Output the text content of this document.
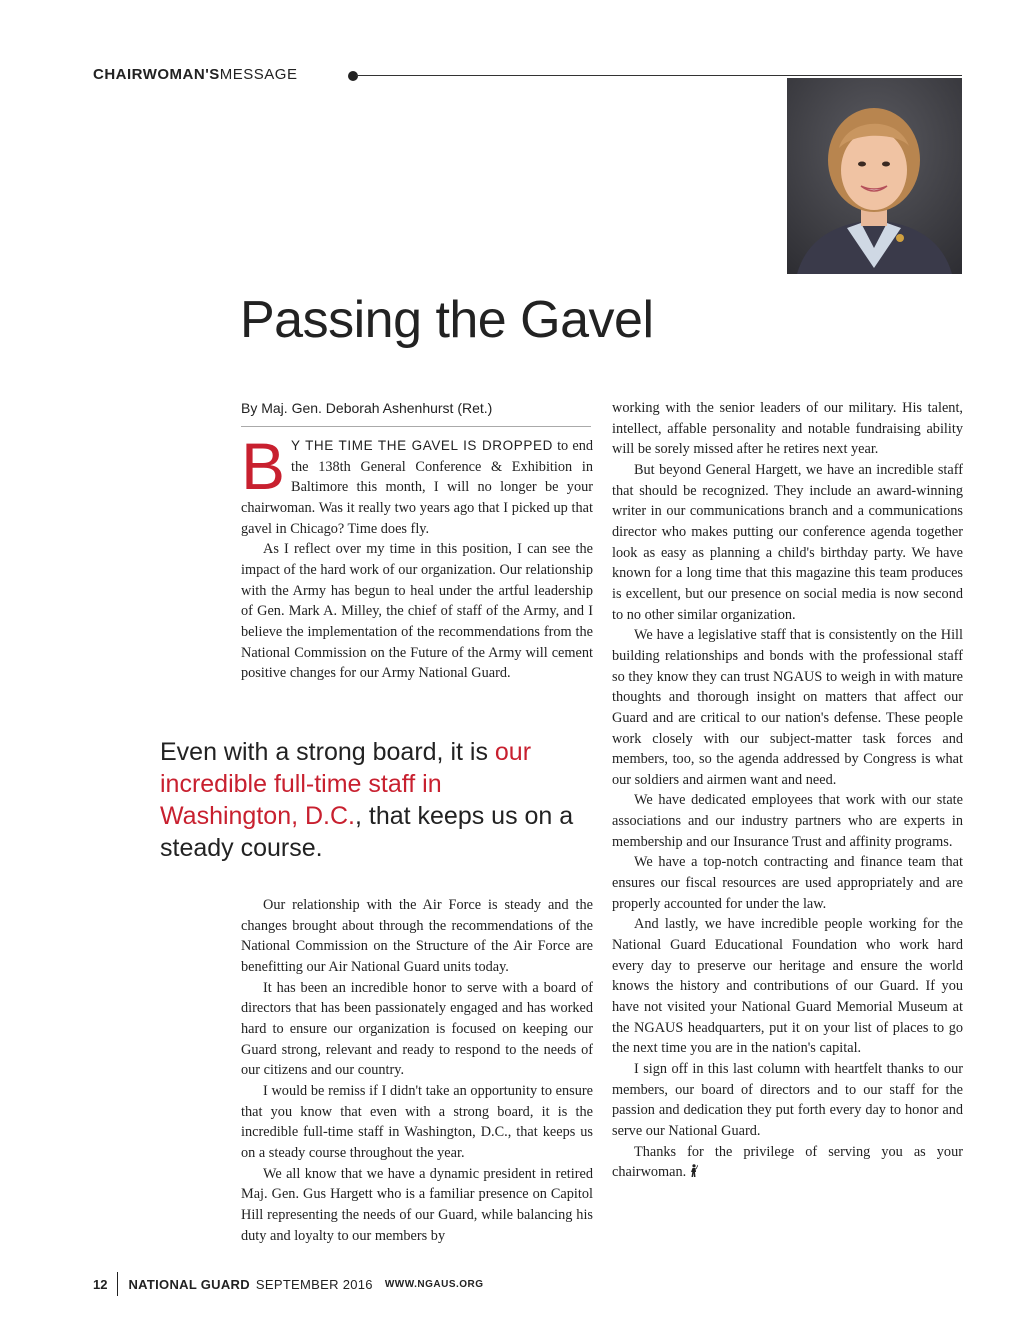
CHAIRWOMAN'SMESSAGE
Passing the Gavel
By Maj. Gen. Deborah Ashenhurst (Ret.)

B Y THE TIME THE GAVEL IS DROPPED to end the 138th General Conference & Exhibition in Baltimore this month, I will no longer be your chairwoman. Was it really two years ago that I picked up that gavel in Chicago? Time does fly.

As I reflect over my time in this position, I can see the impact of the hard work of our organization. Our relationship with the Army has begun to heal under the artful leadership of Gen. Mark A. Milley, the chief of staff of the Army, and I believe the implementation of the recommendations from the National Commission on the Future of the Army will cement positive changes for our Army National Guard.

Even with a strong board, it is our incredible full-time staff in Washington, D.C., that keeps us on a steady course.

Our relationship with the Air Force is steady and the changes brought about through the recommendations of the National Commission on the Structure of the Air Force are benefitting our Air National Guard units today.

It has been an incredible honor to serve with a board of directors that has been passionately engaged and has worked hard to ensure our organization is focused on keeping our Guard strong, relevant and ready to respond to the needs of our citizens and our country.

I would be remiss if I didn't take an opportunity to ensure that you know that even with a strong board, it is the incredible full-time staff in Washington, D.C., that keeps us on a steady course throughout the year.

We all know that we have a dynamic president in retired Maj. Gen. Gus Hargett who is a familiar presence on Capitol Hill representing the needs of our Guard, while balancing his duty and loyalty to our members by

working with the senior leaders of our military. His talent, intellect, affable personality and notable fundraising ability will be sorely missed after he retires next year.

But beyond General Hargett, we have an incredible staff that should be recognized. They include an award-winning writer in our communications branch and a communications director who makes putting our conference agenda together look as easy as planning a child's birthday party. We have known for a long time that this magazine this team produces is excellent, but our presence on social media is now second to no other similar organization.

We have a legislative staff that is consistently on the Hill building relationships and bonds with the professional staff so they know they can trust NGAUS to weigh in with mature thoughts and thorough insight on matters that affect our Guard and are critical to our nation's defense. These people work closely with our subject-matter task forces and members, too, so the agenda addressed by Congress is what our soldiers and airmen want and need.

We have dedicated employees that work with our state associations and our industry partners who are experts in membership and our Insurance Trust and affinity programs.

We have a top-notch contracting and finance team that ensures our fiscal resources are used appropriately and are properly accounted for under the law.

And lastly, we have incredible people working for the National Guard Educational Foundation who work hard every day to preserve our heritage and ensure the world knows the history and contributions of our Guard. If you have not visited your National Guard Memorial Museum at the NGAUS headquarters, put it on your list of places to go the next time you are in the nation's capital.

I sign off in this last column with heartfelt thanks to our members, our board of directors and to our staff for the passion and dedication they put forth every day to honor and serve our National Guard.

Thanks for the privilege of serving you as your chairwoman.

12 NATIONAL GUARD SEPTEMBER 2016 WWW.NGAUS.ORG
